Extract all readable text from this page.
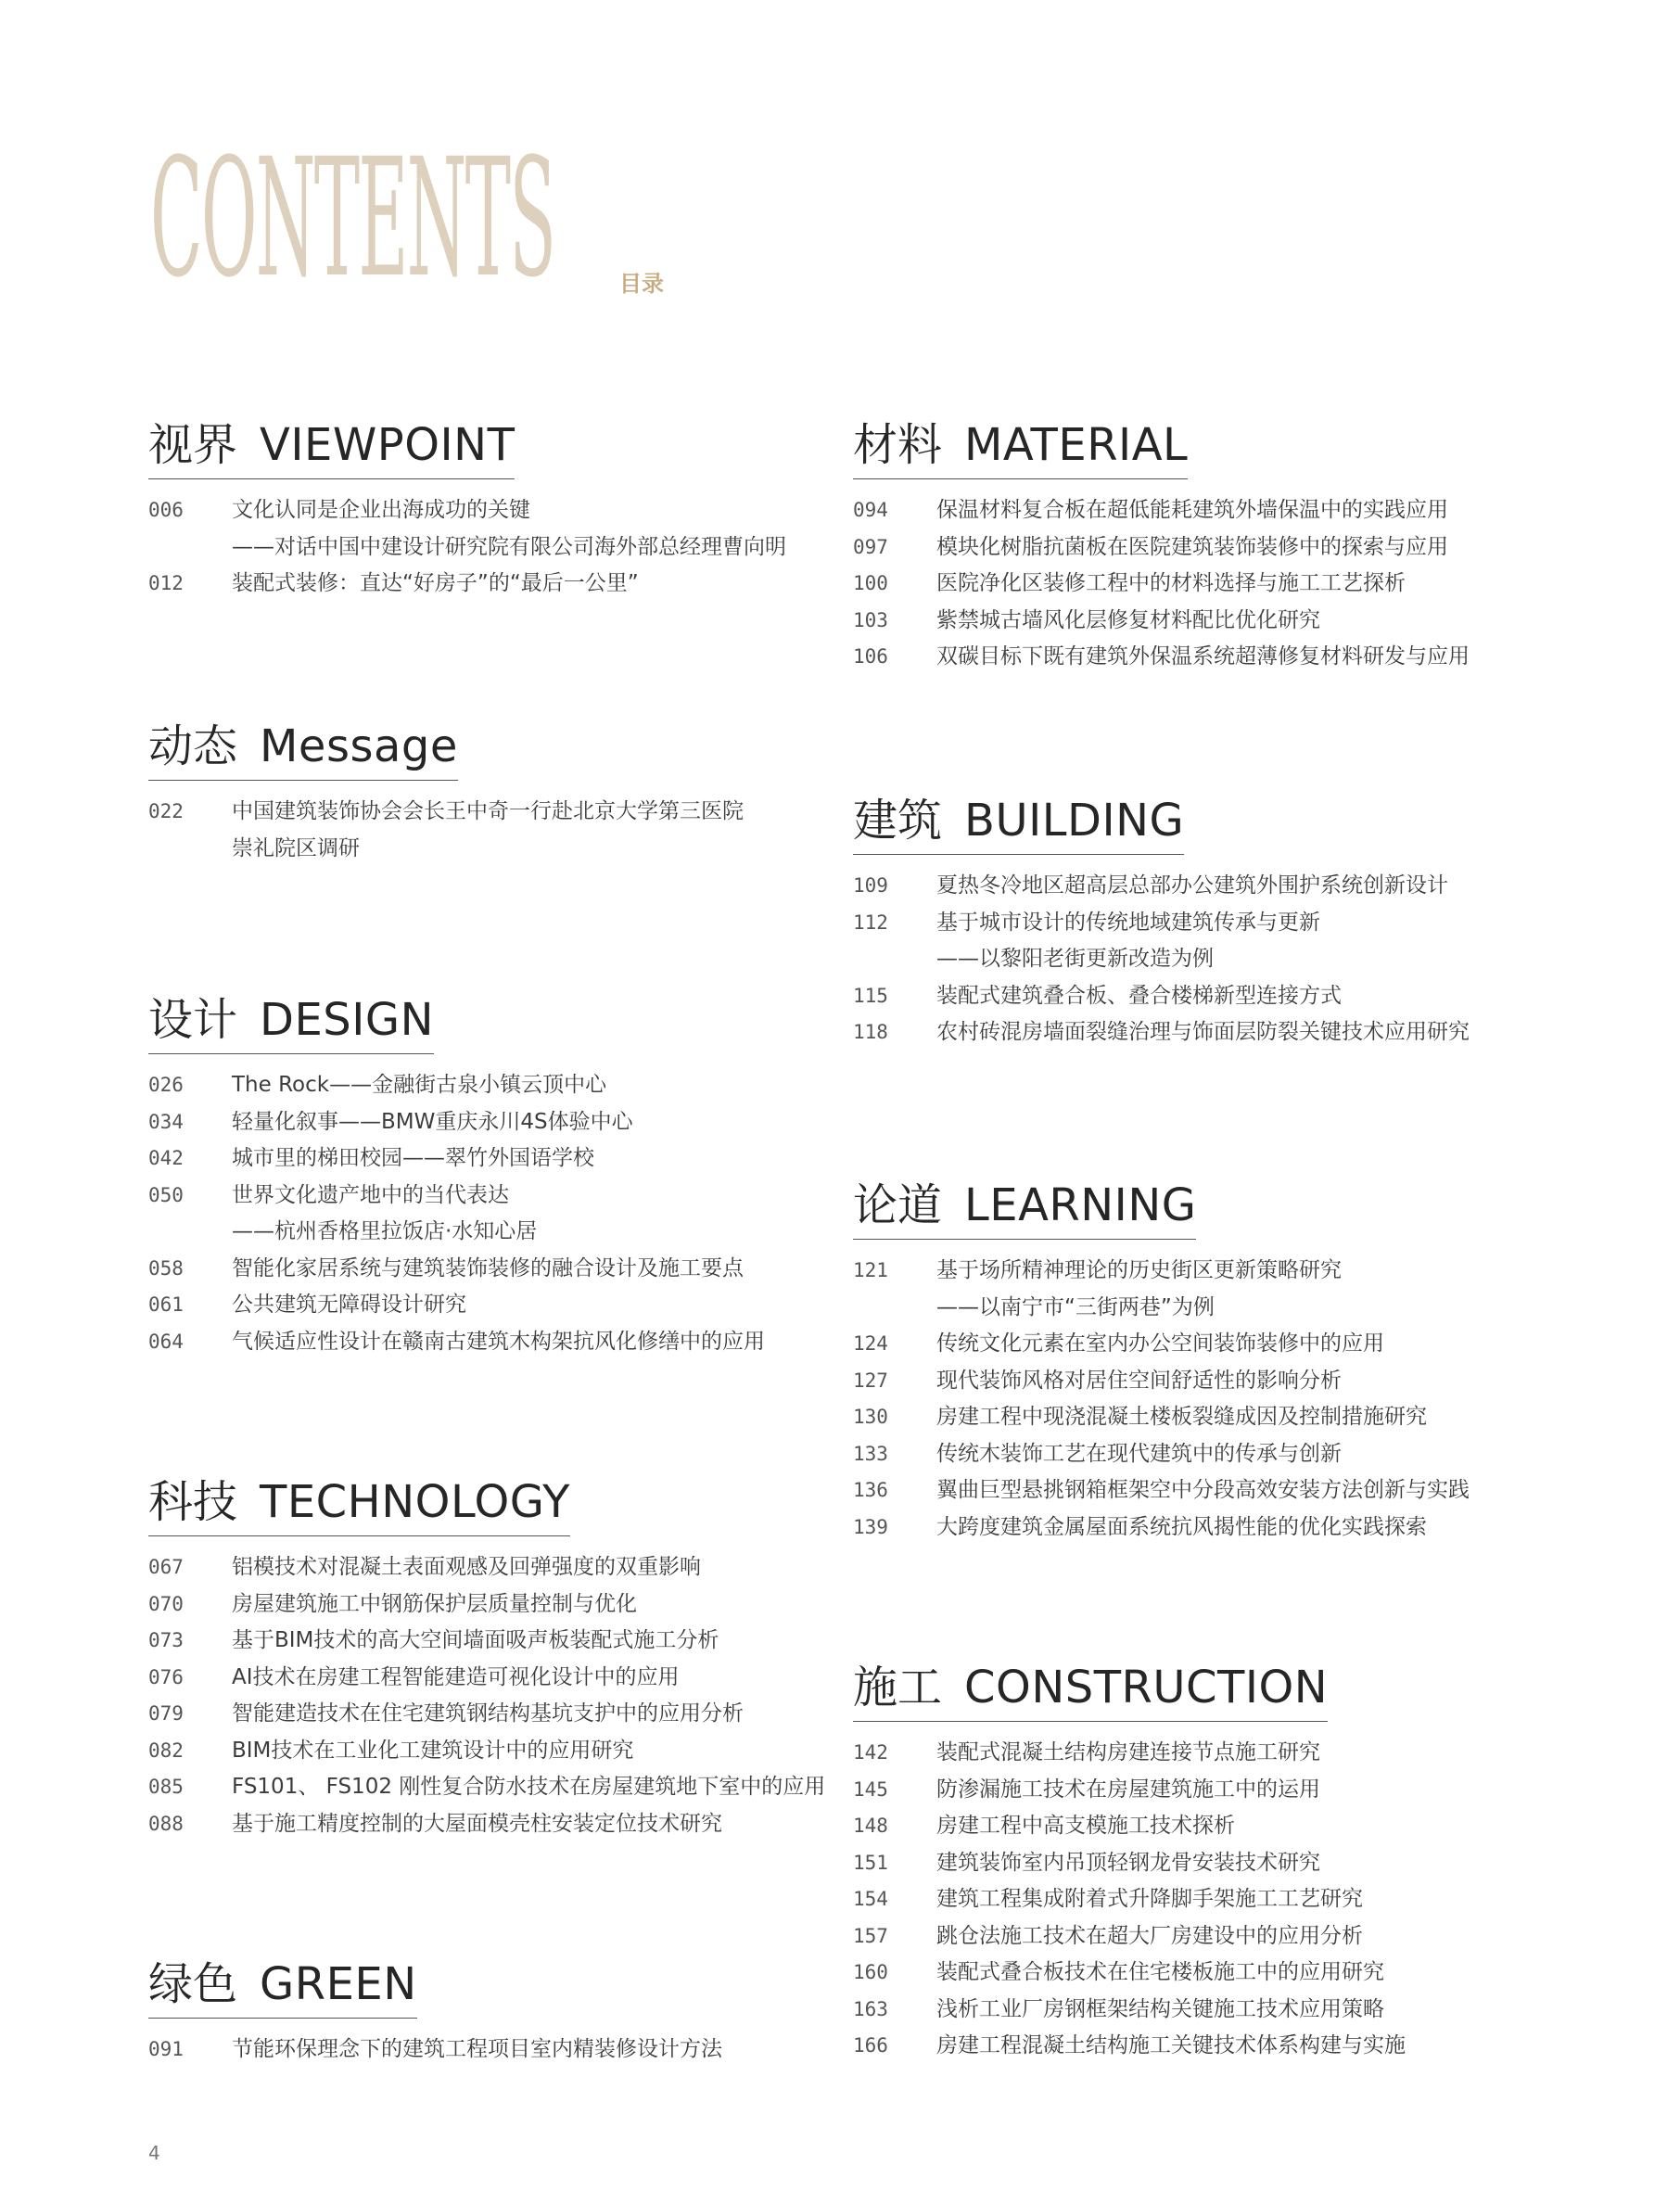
CONTENTS	目录
视界 VIEWPOINT
006	文化认同是企业出海成功的关键
——对话中国中建设计研究院有限公司海外部总经理曹向明
012	装配式装修：直达“好房子”的“最后一公里”
动态 Message
022	中国建筑装饰协会会长王中奇一行赴北京大学第三医院
崇礼院区调研
设计 DESIGN
026	The Rock——金融街古泉小镇云顶中心
034	轻量化叙事——BMW重庆永川4S体验中心
042	城市里的梯田校园——翠竹外国语学校
050	世界文化遗产地中的当代表达
——杭州香格里拉饭店·水知心居
058	智能化家居系统与建筑装饰装修的融合设计及施工要点
061	公共建筑无障碍设计研究
064	气候适应性设计在赣南古建筑木构架抗风化修缮中的应用
科技 TECHNOLOGY
067	铝模技术对混凝土表面观感及回弹强度的双重影响
070	房屋建筑施工中钢筋保护层质量控制与优化
073	基于BIM技术的高大空间墙面吸声板装配式施工分析
076	AI技术在房建工程智能建造可视化设计中的应用
079	智能建造技术在住宅建筑钢结构基坑支护中的应用分析
082	BIM技术在工业化工建筑设计中的应用研究
085	FS101、 FS102 刚性复合防水技术在房屋建筑地下室中的应用
088	基于施工精度控制的大屋面模壳柱安装定位技术研究
绿色 GREEN
091	节能环保理念下的建筑工程项目室内精装修设计方法
材料 MATERIAL
094	保温材料复合板在超低能耗建筑外墙保温中的实践应用
097	模块化树脂抗菌板在医院建筑装饰装修中的探索与应用
100	医院净化区装修工程中的材料选择与施工工艺探析
103	紫禁城古墙风化层修复材料配比优化研究
106	双碳目标下既有建筑外保温系统超薄修复材料研发与应用
建筑 BUILDING
109	夏热冬冷地区超高层总部办公建筑外围护系统创新设计
112	基于城市设计的传统地域建筑传承与更新
——以黎阳老街更新改造为例
115	装配式建筑叠合板、叠合楼梯新型连接方式
118	农村砖混房墙面裂缝治理与饰面层防裂关键技术应用研究
论道 LEARNING
121	基于场所精神理论的历史街区更新策略研究
——以南宁市“三街两巷”为例
124	传统文化元素在室内办公空间装饰装修中的应用
127	现代装饰风格对居住空间舒适性的影响分析
130	房建工程中现浇混凝土楼板裂缝成因及控制措施研究
133	传统木装饰工艺在现代建筑中的传承与创新
136	翼曲巨型悬挑钢箱框架空中分段高效安装方法创新与实践
139	大跨度建筑金属屋面系统抗风揭性能的优化实践探索
施工 CONSTRUCTION
142	装配式混凝土结构房建连接节点施工研究
145	防渗漏施工技术在房屋建筑施工中的运用
148	房建工程中高支模施工技术探析
151	建筑装饰室内吊顶轻钢龙骨安装技术研究
154	建筑工程集成附着式升降脚手架施工工艺研究
157	跳仓法施工技术在超大厂房建设中的应用分析
160	装配式叠合板技术在住宅楼板施工中的应用研究
163	浅析工业厂房钢框架结构关键施工技术应用策略
166	房建工程混凝土结构施工关键技术体系构建与实施
4
